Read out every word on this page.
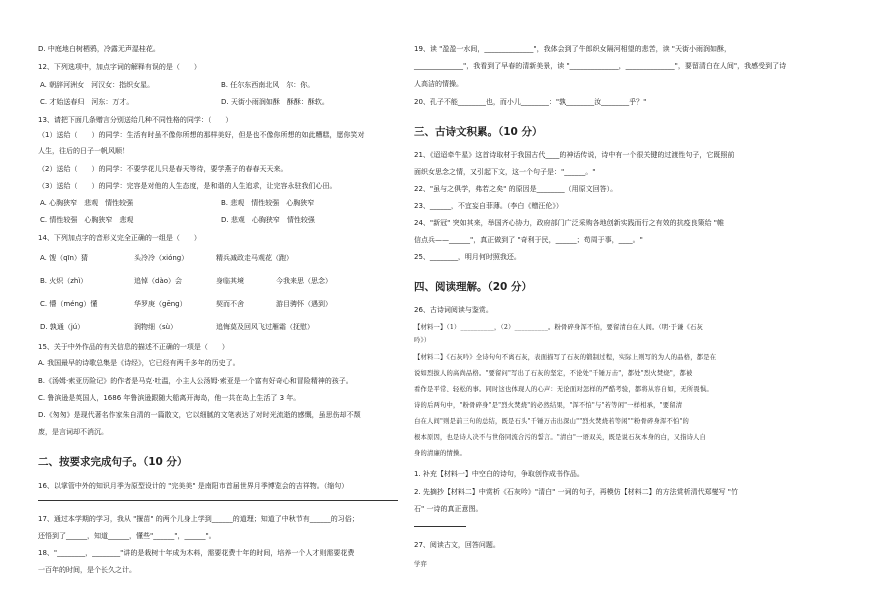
D. 中庭地白树栖鸦，冷露无声湿桂花。
12、下列选项中，加点字词的解释有误的是（　　）
A. 朝辞河洲女　河汉女：指织女星。	B. 任尔东西南北风　尔：你。
C. 才始送春归　河东：万才。	D. 天街小雨润如酥　酥酥：酥软。
13、请把下面几条赠言分别送给几种不同性格的同学：（　　）
（1）送给（　　）的同学：生活有时虽不像你所想的那样美好，但是也不像你所想的如此糟糕，愿你笑对
人生，往后的日子一帆风顺！
（2）送给（　　）的同学：不要学花儿只是春天等待，要学燕子的春春天天来。
（3）送给（　　）的同学：完容是对他的人生态度，是和谐的人生追求，让完容永驻我们心田。
A. 心胸狭窄　悲观　情性较强	B. 悲观　情性较强　心胸狭窄
C. 情性较强　心胸狭窄　悲观	D. 悲观　心胸狭窄　情性较强
14、下列加点字的音形义完全正确的一组是（　　）
A. 馊（qīn）猜	头冷冷（xióng）	精兵减政走马观花（跑）
B. 火炽（zhì）	追悼（dào）会	身临其境	今我来思（思念）
C. 懵（méng）懂	华罗庚（gēng）	契而不舍	游目骋怀（遇到）
D. 孰通（jú）	润物细（sù）	追悔莫及回风飞过雁霜（抚慰）
15、关于中外作品的有关信息的描述不正确的一项是（　　）
A. 我国最早的诗歌总集是《诗经》，它已经有两千多年的历史了。
B.《汤姆·索亚历险记》的作者是马克·吐温，小主人公汤姆·索亚是一个富有好奇心和冒险精神的孩子。
C. 鲁滨逊是英国人，1686 年鲁滨逊跟随大船离开海岛，他一共在岛上生活了 3 年。
D.《匆匆》是现代著名作家朱自清的一篇散文，它以细腻的文笔表达了对时光流逝的感慨，虽思伤却不颓
废，是言词却不消沉。
二、按要求完成句子。（10 分）
16、以掌管中外的知识月季为原型设计的 "完美美" 是南阳市首届世界月季博览会的吉祥物。（缩句）
17、通过本学期的学习，我从 "揠苗" 的两个儿身上学到______的道理；知道了中秋节有______的习俗；
还悟到了______，知道______，懂些"______"，______"。
18、"________，________"讲的是栽树十年成为木料，需要花费十年的时间，培养一个人才则需要花费
一百年的时间，是个长久之计。
19、读 "盈盈一水间，______________"，我体会到了牛郎织女隔河相望的悲苦，读 "天街小雨润如酥，
______________"，我看到了早春的清新美景，读 "______________，______________"，要留清白在人间"，我感受到了诗
人高洁的情操。
20、孔子不能________也，而小儿________："孰________汝________乎？"
三、古诗文积累。（10 分）
21、《迢迢牵牛星》这首诗取材于我国古代____的神话传说，诗中有一个很关键的过渡性句子，它既照前
面织女思念之情，又引起下文，这一个句子是："______。"
22、"虽与之俱学，弗若之矣" 的原因是________（用原文回答）。
23、______，不宜妄自菲薄。（李白《赠汪伦》）
24、"新冠" 突如其来，举国齐心协力，政府部门广泛采购各地创新实践而行之有效的抗疫良策给 "帷
信点兵——______"，真正做到了 "奇利于民，______；苟周于事，____。"
25、________，明月何时照我还。
四、阅读理解。（20 分）
26、古诗词阅读与鉴赏。
【材料一】（1）__________，（2）__________。粉骨碎身浑不怕，要留清白在人间。（明·于谦《石灰
吟》）
【材料二】《石灰吟》全诗句句不离石灰，表面描写了石灰的锻制过程，实际上则写的为人的品格，都是在
说如烈拔人的高尚品格。"要留问"写出了石灰的坚定，不论处"千锤万击"，都处"烈火焚烧"，都被
看作是平常、轻松的事。同时这也体现人的心声：无论面对怎样的严酷考验，都将从容自如，无所畏惧。
诗的后两句中，"粉骨碎身"是"烈火焚烧"的必然结果，"浑不怕"与"若等闲"一样相承，"要留清
白在人间"则是前三句的总结，既是石头"千锤万击出深山""烈火焚烧若等闲""粉骨碎身浑不怕"的
根本原因，也是诗人决不与世俗同流合污的誓言。"清白"一语双关，既是说石灰本身的白，又指诗人自
身的清廉的情操。
1. 补充【材料一】中空白的诗句，争取创作成书作品。
2. 先摘抄【材料二】中赏析《石灰吟》"清白" 一词的句子，再模仿【材料二】的方法赏析清代郑燮写 "竹
石" 一诗的真正意图。
27、阅读古文，回答问题。
学弈
